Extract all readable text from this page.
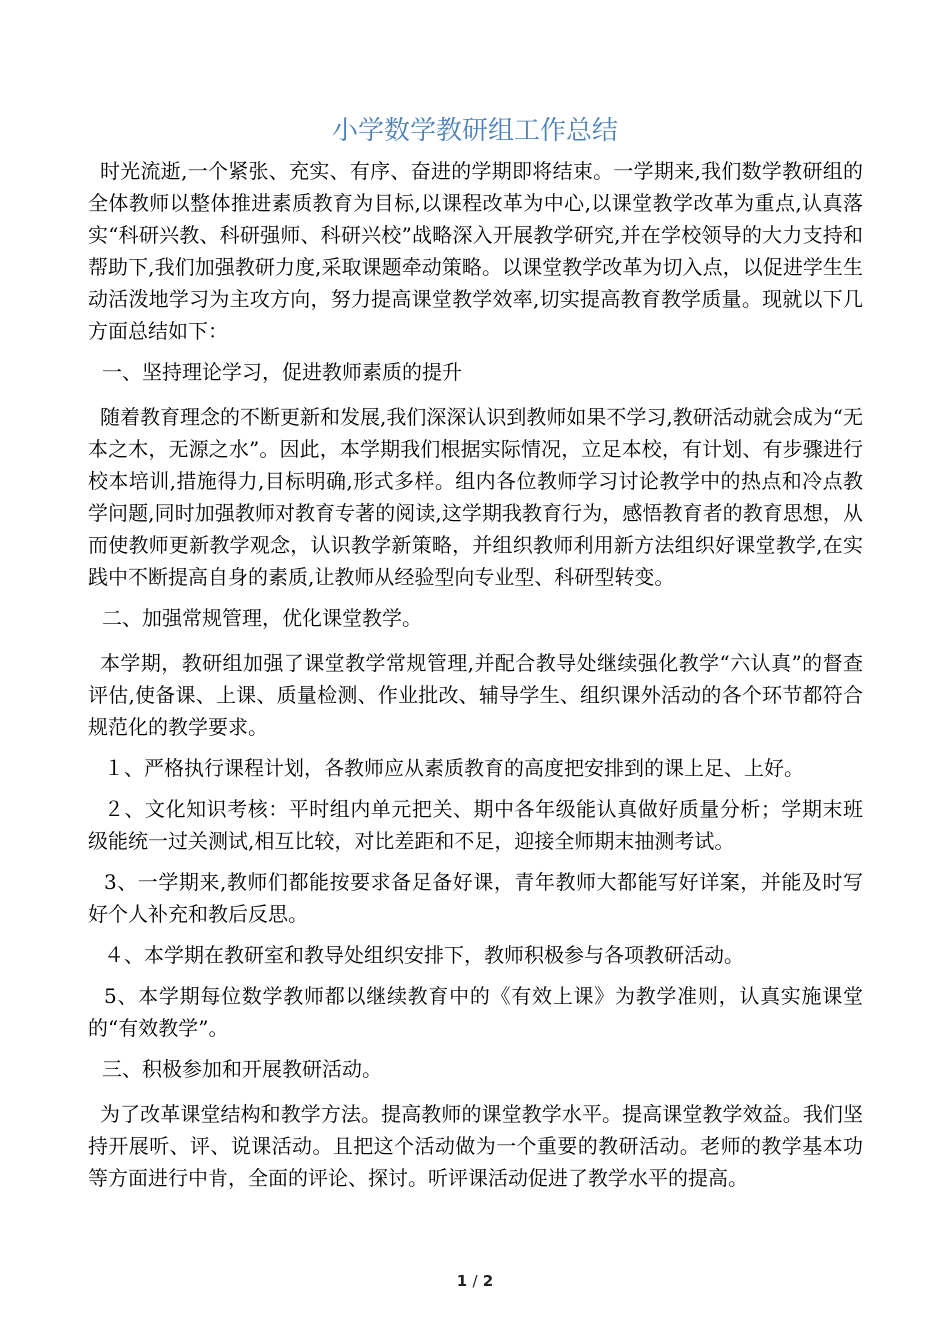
小学数学教研组工作总结

时光流逝,一个紧张、充实、有序、奋进的学期即将结束。一学期来,我们数学教研组的全体教师以整体推进素质教育为目标,以课程改革为中心,以课堂教学改革为重点,认真落实“科研兴教、科研强师、科研兴校”战略深入开展教学研究,并在学校领导的大力支持和帮助下,我们加强教研力度,采取课题牵动策略。以课堂教学改革为切入点，以促进学生生动活泼地学习为主攻方向，努力提高课堂教学效率,切实提高教育教学质量。现就以下几方面总结如下：

一、坚持理论学习，促进教师素质的提升

随着教育理念的不断更新和发展,我们深深认识到教师如果不学习,教研活动就会成为“无本之木，无源之水”。因此，本学期我们根据实际情况，立足本校，有计划、有步骤进行校本培训,措施得力,目标明确,形式多样。组内各位教师学习讨论教学中的热点和冷点教学问题,同时加强教师对教育专著的阅读,这学期我教育行为，感悟教育者的教育思想，从而使教师更新教学观念，认识教学新策略，并组织教师利用新方法组织好课堂教学,在实践中不断提高自身的素质,让教师从经验型向专业型、科研型转变。

二、加强常规管理，优化课堂教学。

本学期，教研组加强了课堂教学常规管理,并配合教导处继续强化教学“六认真”的督查评估,使备课、上课、质量检测、作业批改、辅导学生、组织课外活动的各个环节都符合规范化的教学要求。

１、严格执行课程计划，各教师应从素质教育的高度把安排到的课上足、上好。

２、文化知识考核：平时组内单元把关、期中各年级能认真做好质量分析；学期末班级能统一过关测试,相互比较，对比差距和不足，迎接全师期末抽测考试。

3、一学期来,教师们都能按要求备足备好课，青年教师大都能写好详案，并能及时写好个人补充和教后反思。

４、本学期在教研室和教导处组织安排下，教师积极参与各项教研活动。

5、本学期每位数学教师都以继续教育中的《有效上课》为教学准则，认真实施课堂的“有效教学”。

三、积极参加和开展教研活动。

为了改革课堂结构和教学方法。提高教师的课堂教学水平。提高课堂教学效益。我们坚持开展听、评、说课活动。且把这个活动做为一个重要的教研活动。老师的教学基本功等方面进行中肯，全面的评论、探讨。听评课活动促进了教学水平的提高。

1 / 2
